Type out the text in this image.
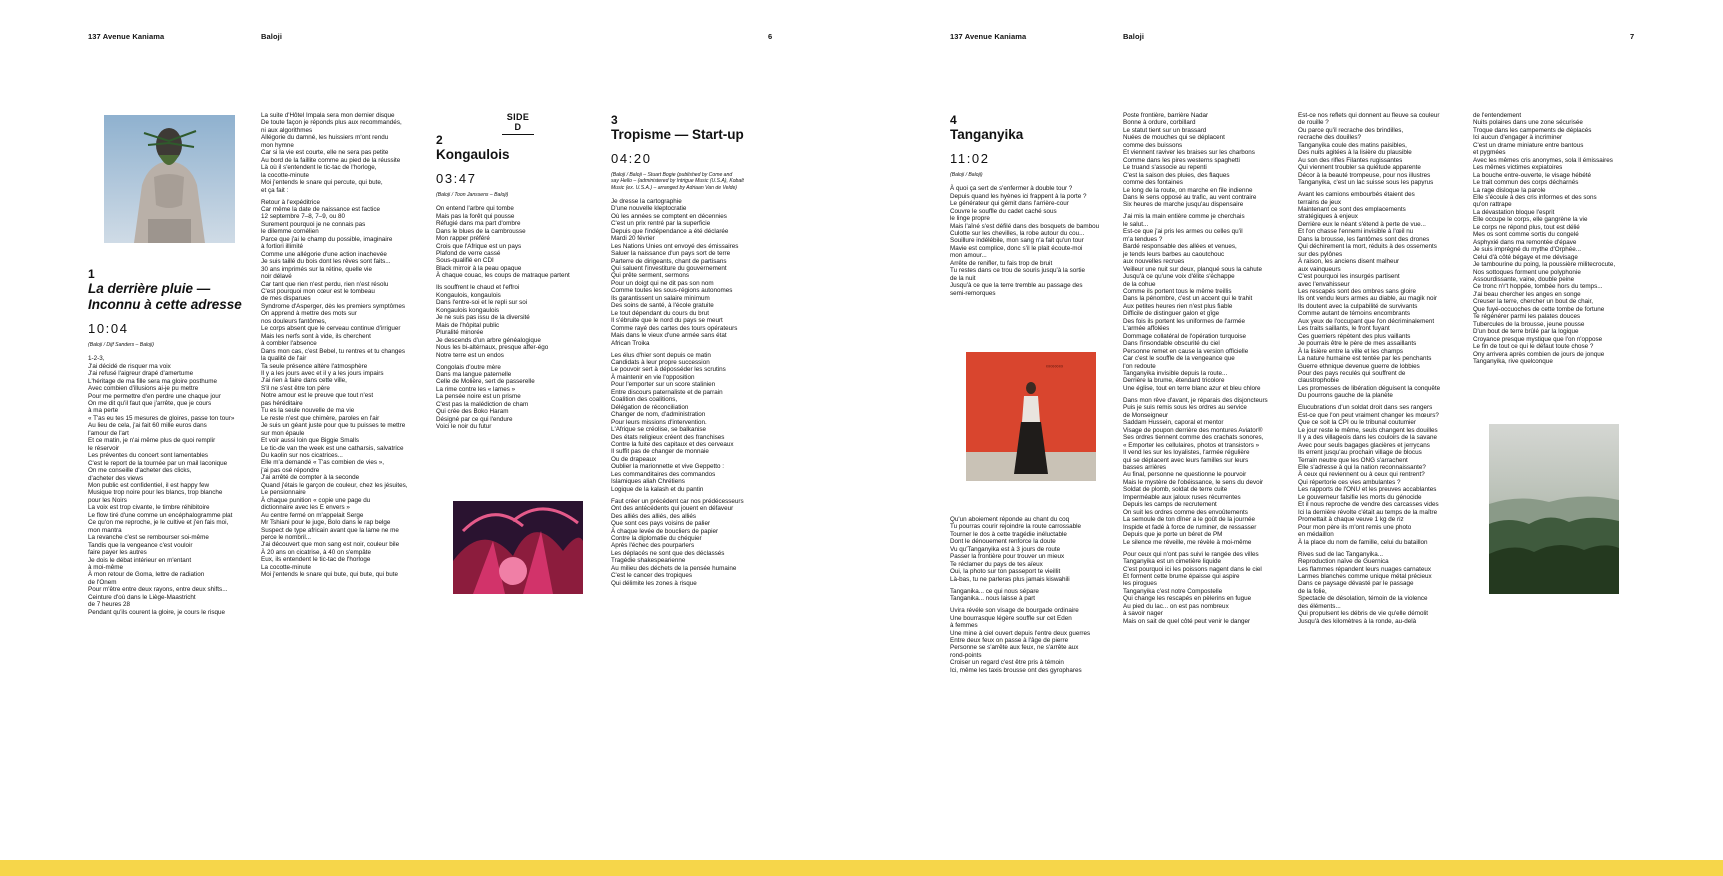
137 Avenue Kaniama	Baloji	6
1
La derrière pluie —
Inconnu à cette adresse
10:04
(Baloji / Dijf Sanders – Baloji)
1-2-3,
J'ai décidé de risquer ma voix
J'ai refusé l'aigreur drapé d'amertume
L'héritage de ma fille sera ma gloire posthume
Avec combien d'illusions ai-je pu mettre
Pour me permettre d'en perdre une chaque jour
On me dit qu'il faut que j'arrête, que je cours
à ma perte
« T'as eu tes 15 mesures de gloires, passe ton tour»
Au lieu de cela, j'ai fait 60 mille euros dans
l'amour de l'art
Et ce matin, je n'ai même plus de quoi remplir
le réservoir
Les préventes du concert sont lamentables
C'est le report de la tournée par un mail laconique
On me conseille d'acheter des clicks,
d'acheter des views
Mon public est confidentiel, il est happy few
Musique trop noire pour les blancs, trop blanche
pour les Noirs
La voix est trop civante, le timbre réhibitoire
Le flow tiré d'une comme un encéphalogramme plat
Ce qu'on me reproche, je le cultive et j'en fais moi,
mon mantra
La revanche c'est se rembourser soi-même
Tandis que la vengeance c'est vouloir
faire payer les autres
Je dois le débat intérieur en m'entant
à moi-même
À mon retour de Goma, lettre de radiation
de l'Onem
Pour m'être entre deux rayons, entre deux shifts...
Ceinture d'où dans le Liège-Maastricht
de 7 heures 28
Pendant qu'ils courent la gloire, je cours le risque
La suite d'Hôtel Impala sera mon dernier disque
De toute façon je réponds plus aux recommandés,
ni aux algorithmes
Allégorie du damné, les huissiers m'ont rendu
mon hymne
Car si la vie est courte, elle ne sera pas petite
Au bord de la faillite comme au pied de la réussite
Là où il s'entendent le tic-tac de l'horloge,
la cocotte-minute
Moi j'entends le snare qui percute, qui bute,
et ça fait :
Retour à l'expéditrice
Car même la date de naissance est factice
12 septembre 7–8, 7–9, ou 80
Surement pourquoi je ne connais pas
le dilemme cornélien
Parce que j'ai le champ du possible, imaginaire
à fortiori illimité
Comme une allégorie d'une action inachevée
Je suis taillé du bois dont les rêves sont faits...
30 ans imprimés sur la rétine, quelle vie
noir délavé
Car tant que rien n'est perdu, rien n'est résolu
C'est pourquoi mon cœur est le tombeau
de mes disparues
Syndrome d'Asperger, dès les premiers symptômes
On apprend à mettre des mots sur
nos douleurs fantômes,
Le corps absent que le cerveau continue d'irriguer
Mais les nerfs sont à vide, ils cherchent
à combler l'absence
Dans mon cas, c'est Bebel, tu rentres et tu changes
la qualité de l'air
Ta seule présence altère l'atmosphère
Il y a les jours avec et il y a les jours impairs
J'ai rien à faire dans cette ville,
S'il ne s'est être ton père
Notre amour est le preuve que tout n'est
pas héréditaire
Tu es la seule nouvelle de ma vie
Le reste n'est que chimère, paroles en l'air
Je suis un géant juste pour que tu puisses te mettre
sur mon épaule
Et voir aussi loin que Biggie Smalls
Le tic-de van the week est une catharsis, salvatrice
Du kaolin sur nos cicatrices...
Elle m'a demandé « T'as combien de vies »,
j'ai pas osé répondre
J'ai arrêté de compter à la seconde
Quand j'étais le garçon de couleur, chez les jésuites,
Le pensionnaire
À chaque punition « copie une page du
dictionnaire avec les E envers »
Au centre fermé on m'appelait Serge
Mr Tshiani pour le juge, Bolo dans le rap belge
Suspect de type africain avant que la lame ne me
perce le nombril...
J'ai découvert que mon sang est noir, couleur bile
À 20 ans on cicatrise, à 40 on s'empâte
Eux, ils entendent le tic-tac de l'horloge
La cocotte-minute
Moi j'entends le snare qui bute, qui bute, qui bute
SIDE D
2
Kongaulois
03:47
(Baloji / Toon Janssens – Baloji)
On entend l'arbre qui tombe
Mais pas la forêt qui pousse
Réfugié dans ma part d'ombre
Dans le blues de la cambrousse
Mon rapper préféré
Crois que l'Afrique est un pays
Plafond de verre cassé
Sous-qualifié en CDI
Black mirroir à la peau opaque
À chaque couac, les coups de matraque partent
Ils souffrent le chaud et l'effroi
Kongaulois, kongaulois
Dans l'entre-soi et le repli sur soi
Kongaulois kongaulois
Je ne suis pas issu de la diversité
Mais de l'hôpital public
Pluralité minorée
Je descends d'un arbre généalogique
Nous les bi-altérnaux, presque affer-égo
Notre terre est un endos
Congolais d'outre mère
Dans ma langue paternelle
Celle de Molière, sert de passerelle
La rime contre les « lames »
La pensée noire est un prisme
C'est pas la malédiction de cham
Qui crée des Boko Haram
Désigné par ce qui l'endure
Voici le noir du futur
3
Tropisme — Start-up
04:20
(Baloji / Baloji – Stuart Bogie (published by Come and
say Hello – (administered by Intrigue Music (U.S.A), Kobalt
Music (ex. U.S.A.) – arranged by Adriaan Van de Velde)
Je dresse la cartographie
D'une nouvelle kleptocratie
Où les années se comptent en décennies
C'est un prix rentré par la superficie
Depuis que l'indépendance a été déclarée
Mardi 20 février
Les Nations Unies ont envoyé des émissaires
Saluer la naissance d'un pays sort de terre
Parterre de dirigeants, chant de partisans
Qui saluent l'investiture du gouvernement
Qui prête serment, sermons
Pour un doigt qui ne dit pas son nom
Comme toutes les sous-régions autonomes
Ils garantissent un salaire minimum
Des soins de santé, à l'école gratuite
Le tout dépendant du cours du brut
Il s'ébruite que le nord du pays se meurt
Comme rayé des cartes des tours opérateurs
Mais dans le vieux d'une armée sans état
African Troika
Les élus d'hier sont depuis ce matin
Candidats à leur propre succession
Le pouvoir sert à déposséder les scrutins
À maintenir en vie l'opposition
Pour l'emporter sur un score stalinien
Entre discours paternaliste et de parrain
Coalition des coalitions,
Délégation de réconciliation
Changer de nom, d'administration
Pour leurs missions d'intervention.
L'Afrique se créolise, se balkanise
Des états religieux créent des franchises
Contre la fuite des capitaux et des cerveaux
Il suffit pas de changer de monnaie
Ou de drapeaux
Oublier la marionnette et vive Geppetto :
Les commanditaires des commandos
Islamiques aliah Chrétiens
Logique de la kalash et du pantin
Faut créer un précédent car nos prédécesseurs
Ont des antécédents qui jouent en défaveur
Des alliés des alliés, des alliés
Que sont ces pays voisins de palier
À chaque levée de boucliers de papier
Contre la diplomatie du chéquier
Après l'échec des pourparlers
Les déplacés ne sont que des déclassés
Tragédie shakespearienne
Au milieu des déchets de la pensée humaine
C'est le cancer des tropiques
Qui délimite les zones à risque
137 Avenue Kaniama	Baloji	7
4
Tanganyika
11:02
(Baloji / Baloji)
À quoi ça sert de s'enfermer à double tour ?
Depuis quand les hyènes ici frappent à la porte ?
Le générateur qui gémit dans l'arrière-cour
Couvre le souffle du cadet caché sous
le linge propre
Mais l'aîné s'est défilé dans des bosquets de bambou
Culotte sur les chevilles, la robe autour du cou...
Souillure indélébile, mon sang n'a fait qu'un tour
Mavie est complice, donc s'il le plait écoute-moi
mon amour...
Arrête de renifler, tu fais trop de bruit
Tu restes dans ce trou de souris jusqu'à la sortie
de la nuit
Jusqu'à ce que la terre tremble au passage des
semi-remorques
∞∞∞∞
Qu'un aboiement réponde au chant du coq
Tu pourras courir rejoindre la route carrossable
Tourner le dos à cette tragédie inéluctable
Dont le dénouement renforce la doute
Vu qu'Tanganyika est à 3 jours de route
Passer la frontière pour trouver un mieux
Te réclamer du pays de tes aïeux
Oui, la photo sur ton passeport te vieillit
Là-bas, tu ne parleras plus jamais kiswahili
Tanganika... ce qui nous sépare
Tanganika... nous laisse à part
Uvira révéle son visage de bourgade ordinaire
Une bourrasque légère souffle sur cet Eden
à femmes
Une mine à ciel ouvert depuis l'entre deux guerres
Entre deux feux on passe à l'âge de pierre
Personne se s'arrête aux feux, ne s'arrête aux
rond-points
Croiser un regard c'est être pris à témoin
Ici, même les taxis brousse ont des gyrophares
Poste frontière, barrière Nadar
Bonne à ordure, corbillard
Le statut tient sur un brassard
Nuées de mouches qui se déplacent
comme des buissons
Et viennent raviver les braises sur les charbons
Comme dans les pires westerns spaghetti
Le truand s'associe au repenti
C'est la saison des pluies, des flaques
comme des fontaines
Le long de la route, on marche en file indienne
Dans le sens opposé au trafic, au vent contraire
Six heures de marche jusqu'au dispensaire
J'ai mis la main entière comme je cherchais
le salut...
Est-ce que j'ai pris les armes ou celles qu'il
m'a tendues ?
Bardé responsable des allées et venues,
je tends leurs barbes au caoutchouc
aux nouvelles recrues
Veilleur une nuit sur deux, planqué sous la cahute
Jusqu'à ce qu'une voix d'élite s'échappe
de la cohue
Comme ils portent tous le même treillis
Dans la pénombre, c'est un accent qui le trahit
Aux petites heures rien n'est plus fiable
Difficile de distinguer galon et gîge
Des fois ils portent les uniformes de l'armée
L'armée affolées
Dommage collatéral de l'opération turquoise
Dans l'insondable obscurité du ciel
Personne remet en cause la version officielle
Car c'est le souffle de la vengeance que
l'on redoute
Tanganyika invisible depuis la route...
Derrière la brume, étendard tricolore
Une église, tout en terre blanc azur et bleu chlore
Dans mon rêve d'avant, je réparais des disjoncteurs
Puis je suis remis sous les ordres au service
de Monseigneur
Saddam Hussein, caporal et mentor
Visage de poupon derrière des montures Aviator®
Ses ordres tiennent comme des crachats sonores,
« Emporter les cellulaires, photos et transistors »
Il vend les sur les loyalistes, l'armée régulière
qui se déplacent avec leurs familles sur leurs
basses arrières
Au final, personne ne questionne le pourvoir
Mais le mystère de l'obéissance, le sens du devoir
Soldat de plomb, soldat de terre cuite
Imperméable aux jaloux ruses récurrentes
Depuis les camps de recrutement
On suit les ordres comme des envoûtements
La semoule de ton dîner a le goût de la journée
Inspide et fadé à force de ruminer, de ressasser
Depuis que je porte un béret de PM
Le silence me réveille, me révèle à moi-même
Pour ceux qui n'ont pas suivi le rangée des villes
Tanganyika est un cimetière liquide
C'est pourquoi ici les poissons nagent dans le ciel
Et forment cette brume épaisse qui aspire
les pirogues
Tanganyika c'est notre Compostelle
Qui change les rescapés en pèlerins en fugue
Au pied du lac... on est pas nombreux
à savoir nager
Mais on sait de quel côté peut venir le danger
Est-ce nos reflets qui donnent au fleuve sa couleur
de rouille ?
Ou parce qu'il recrache des brindilles,
recrache des douilles?
Tanganyika coule des matins paisibles,
Des nuits agitées à la lisière du plausible
Au son des rifles Filantes rugissantes
Qui viennent troubler sa quiétude apparente
Décor à la beauté trompeuse, pour nos illustres
Tanganyika, c'est un lac suisse sous les papyrus
Avant les camions embourbés étaient des
terrains de jeux
Maintenant ce sont des emplacements
stratégiques à enjeux
Derrière eux le néant s'étend à perte de vue...
Et l'on chasse l'ennemi invisible à l'œil nu
Dans la brousse, les fantômes sont des drones
Qui déchirement la mort, réduits à des ossements
sur des pylônes
À raison, les anciens disent malheur
aux vainqueurs
C'est pourquoi les insurgés partisent
avec l'envahisseur
Les rescapés sont des ombres sans gloire
Ils ont vendu leurs armes au diable, au magik noir
Ils doutent avec la culpabilité de survivants
Comme autant de témoins encombrants
Aux yeux de l'occupant que l'on décriminalement
Les traits saillants, le front fuyant
Ces guerriers répètent des plus vaillants
Je pourrais être le père de mes assaillants
À la lisière entre la ville et les champs
La nature humaine est tentée par les penchants
Guerre ethnique devenue guerre de lobbies
Pour des pays reculés qui souffrent de
claustrophobie
Les promesses de libération déguisent la conquête
Du pourrons gauche de la planète
Elucubrations d'un soldat droit dans ses rangers
Est-ce que l'on peut vraiment changer les mœurs?
Que ce soit la CPI ou le tribunal coutumier
Le jour reste le même, seuls changent les douilles
Il y a des villageois dans les couloirs de la savane
Avec pour seuls bagages glacières et jerrycans
Ils errent jusqu'au prochain village de blocus
Terrain neutre que les ONG s'arrachent
Elle s'adresse à qui la nation reconnaissante?
À ceux qui reviennent ou à ceux qui rentrent?
Qui répertorie ces vies ambulantes ?
Les rapports de l'ONU et les preuves accablantes
Le gouverneur falsifie les morts du génocide
Et il nous reproche de vendre des carcasses vides
Ici la dernière révolte c'était au temps de la maître
Promettait à chaque veuve 1 kg de riz
Pour mon père ils m'ont remis une photo
en médaillon
À la place du nom de famille, celui du bataillon
Rives sud de lac Tanganyika...
Reproduction naïve de Guernica
Les flammes répandent leurs nuages carnateux
Larmes blanches comme unique métal précieux
Dans ce paysage dévasté par le passage
de la folie,
Spectacle de désolation, témoin de la violence
des éléments...
Qui propulsent les débris de vie qu'elle démolit
Jusqu'à des kilomètres à la ronde, au-delà
de l'entendement
Nuits polaires dans une zone sécurisée
Troque dans les campements de déplacés
Ici aucun d'engager à incriminer
C'est un drame miniature entre bantous
et pygmées
Avec les mêmes cris anonymes, sola ll émissaires
Les mêmes victimes expiatoires
La bouche entre-ouverte, le visage hébété
Le trait commun des corps décharnés
La rage disloque la parole
Elle s'écoule à des cris informes et des sons
qu'on rattrape
La dévastation bloque l'esprit
Elle occupe le corps, elle gangrène la vie
Le corps ne répond plus, tout est délié
Mes os sont comme sortis du congelé
Asphyxié dans ma remontée d'épave
Je suis imprégné du mythe d'Orphée...
Celui d'à côté bégaye et me dévisage
Je tambourine du poing, la poussière militecrocute,
Nos sottoques forment une polyphonie
Assourdissante, vaine, double peine
Ce tronc n'r't hoppée, tombée hors du temps...
J'ai beau chercher les anges en songe
Creuser la terre, chercher un bout de chair,
Que fuyé-occuoches de cette tombe de fortune
Te régénérer parmi les palates douces
Tubercules de la brousse, jeune pousse
D'un bout de terre brûlé par la logique
Croyance presque mystique que l'on n'oppose
Le fin de tout ce qui le défaut toute chose ?
Ony arrivera après combien de jours de jonque
Tanganyika, rive quelconque
